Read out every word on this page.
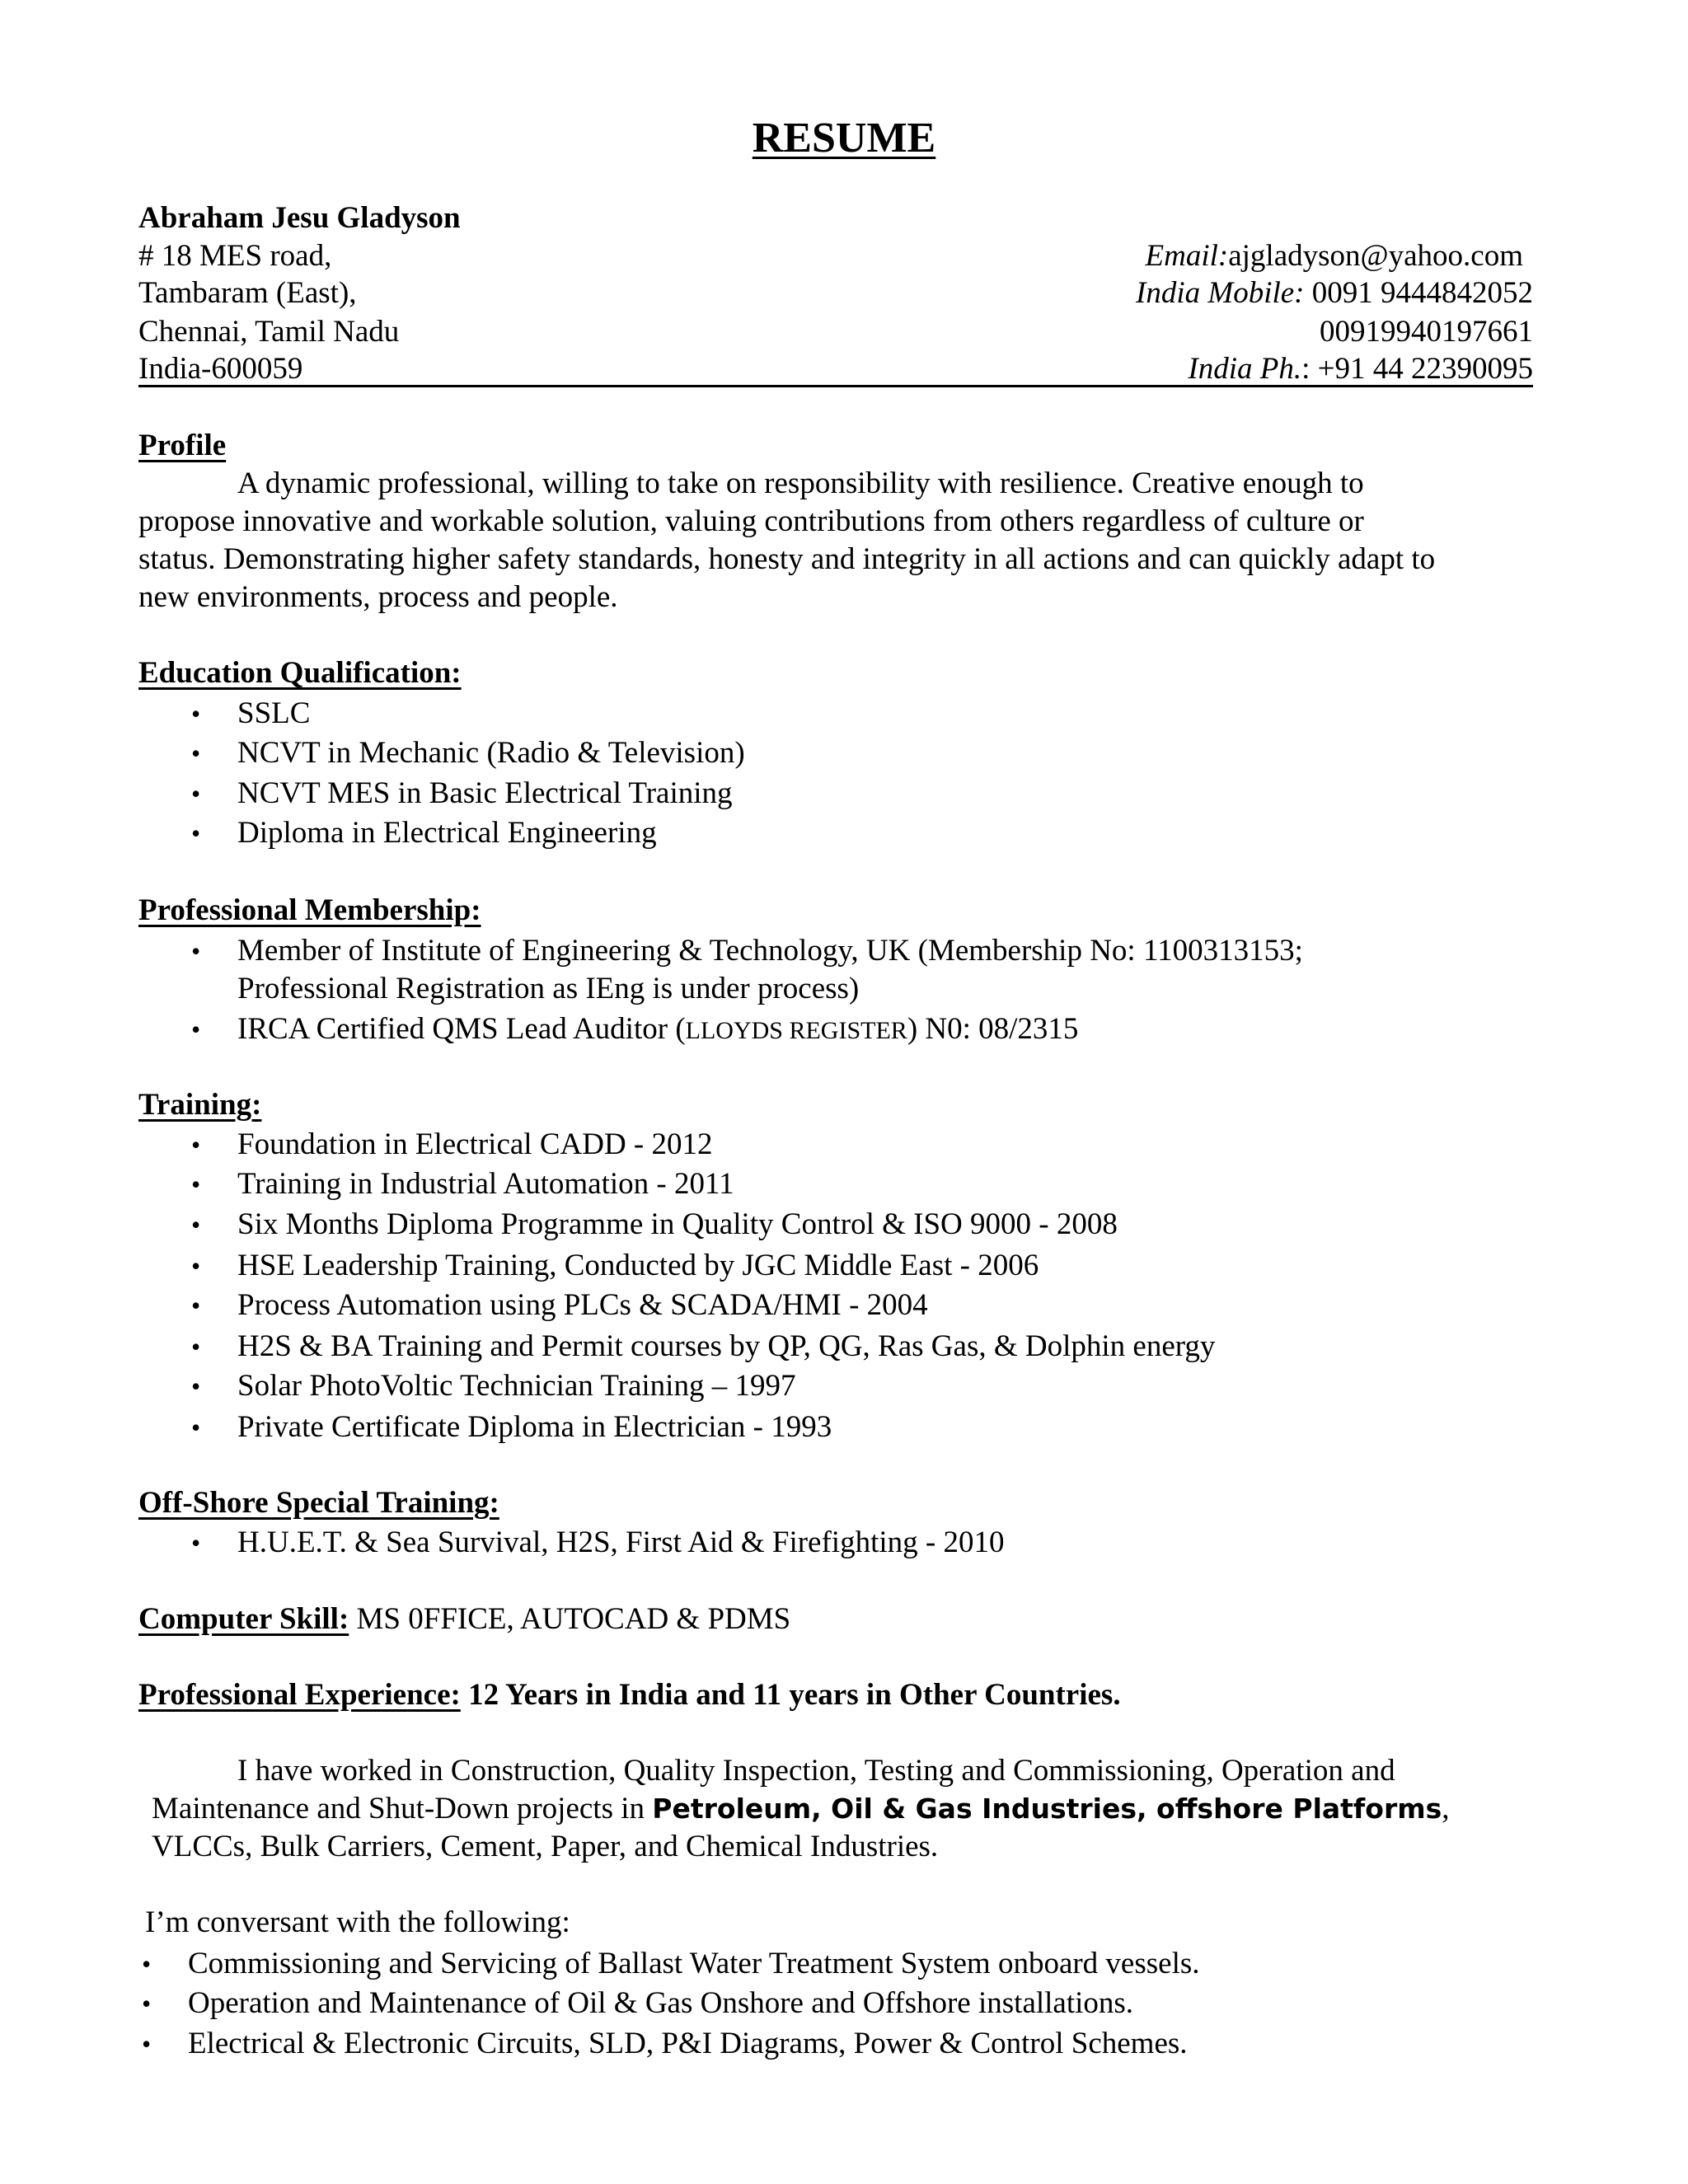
RESUME
Abraham Jesu Gladyson
# 18 MES road,
Tambaram (East),
Chennai, Tamil Nadu
India-600059
Email:ajgladyson@yahoo.com
India Mobile: 0091 9444842052
00919940197661
India Ph.: +91 44 22390095
Profile
A dynamic professional, willing to take on responsibility with resilience. Creative enough to
propose innovative and workable solution, valuing contributions from others regardless of culture or
status. Demonstrating higher safety standards, honesty and integrity in all actions and can quickly adapt to
new environments, process and people.
Education Qualification:
• SSLC
• NCVT in Mechanic (Radio & Television)
• NCVT MES in Basic Electrical Training
• Diploma in Electrical Engineering
Professional Membership:
• Member of Institute of Engineering & Technology, UK (Membership No: 1100313153;
Professional Registration as IEng is under process)
• IRCA Certified QMS Lead Auditor (LLOYDS REGISTER) N0: 08/2315
Training:
• Foundation in Electrical CADD - 2012
• Training in Industrial Automation - 2011
• Six Months Diploma Programme in Quality Control & ISO 9000 - 2008
• HSE Leadership Training, Conducted by JGC Middle East - 2006
• Process Automation using PLCs & SCADA/HMI - 2004
• H2S & BA Training and Permit courses by QP, QG, Ras Gas, & Dolphin energy
• Solar PhotoVoltic Technician Training – 1997
• Private Certificate Diploma in Electrician - 1993
Off-Shore Special Training:
• H.U.E.T. & Sea Survival, H2S, First Aid & Firefighting - 2010
Computer Skill: MS 0FFICE, AUTOCAD & PDMS
Professional Experience: 12 Years in India and 11 years in Other Countries.
I have worked in Construction, Quality Inspection, Testing and Commissioning, Operation and
Maintenance and Shut-Down projects in Petroleum, Oil & Gas Industries, offshore Platforms,
VLCCs, Bulk Carriers, Cement, Paper, and Chemical Industries.
I’m conversant with the following:
• Commissioning and Servicing of Ballast Water Treatment System onboard vessels.
• Operation and Maintenance of Oil & Gas Onshore and Offshore installations.
• Electrical & Electronic Circuits, SLD, P&I Diagrams, Power & Control Schemes.
